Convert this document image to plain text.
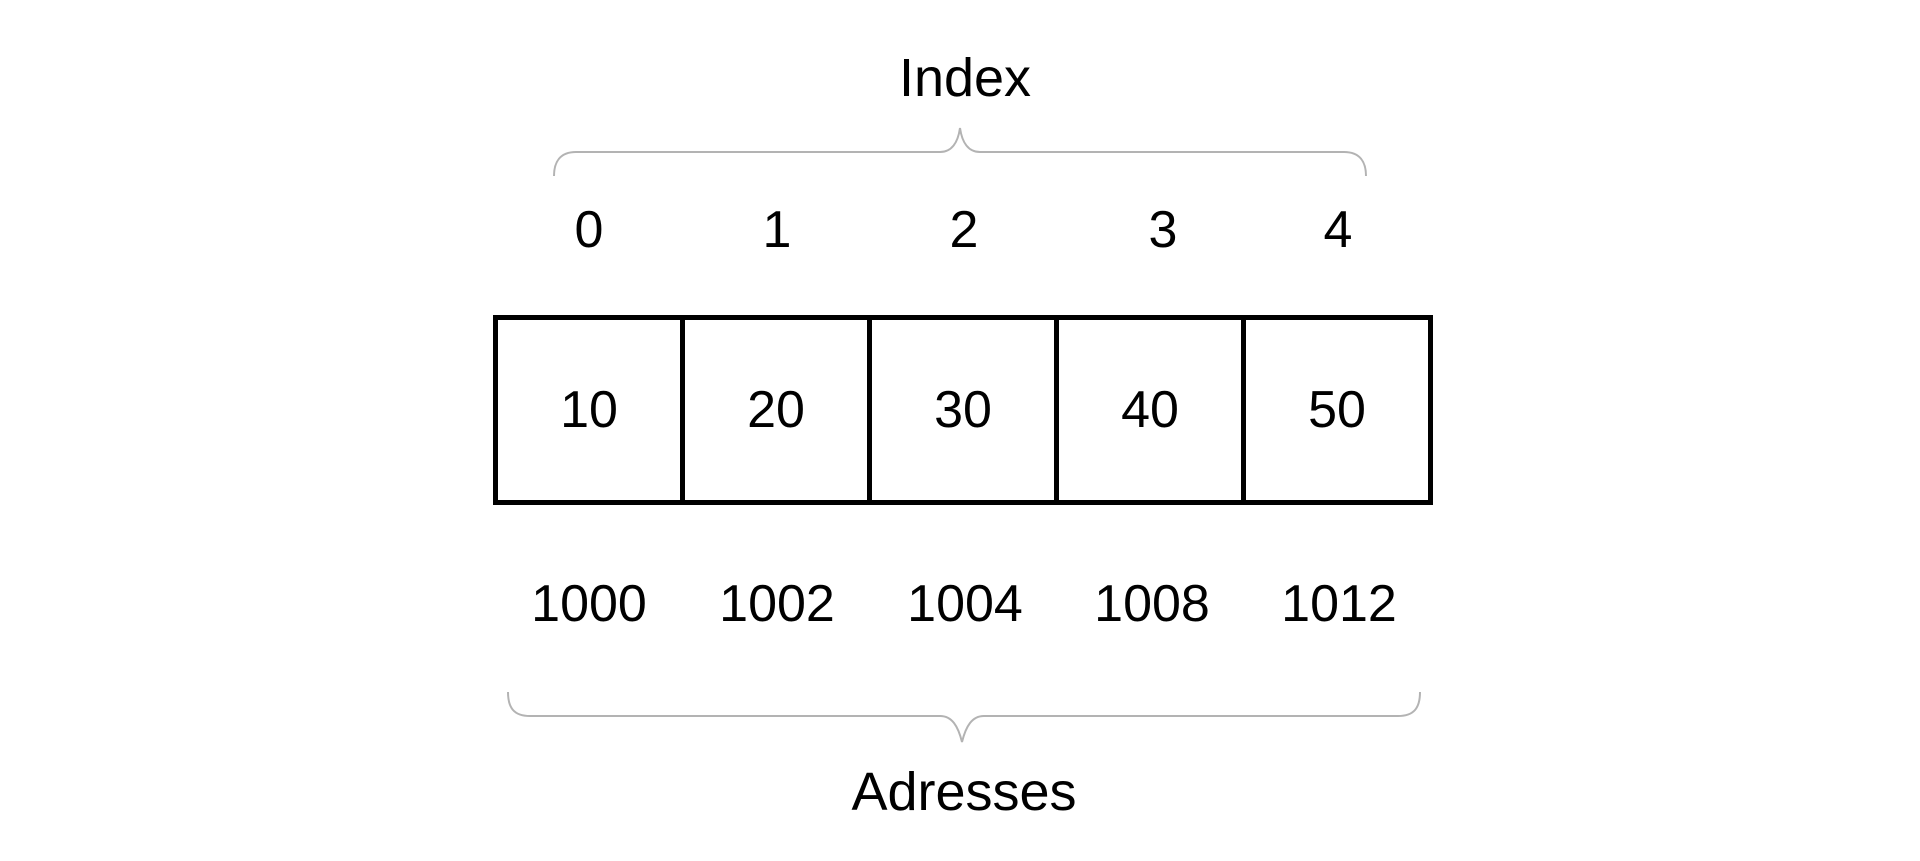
Index
0	1	2	3	4
10 20 30 40 50
1000 1002 1004 1008 1012
Adresses
